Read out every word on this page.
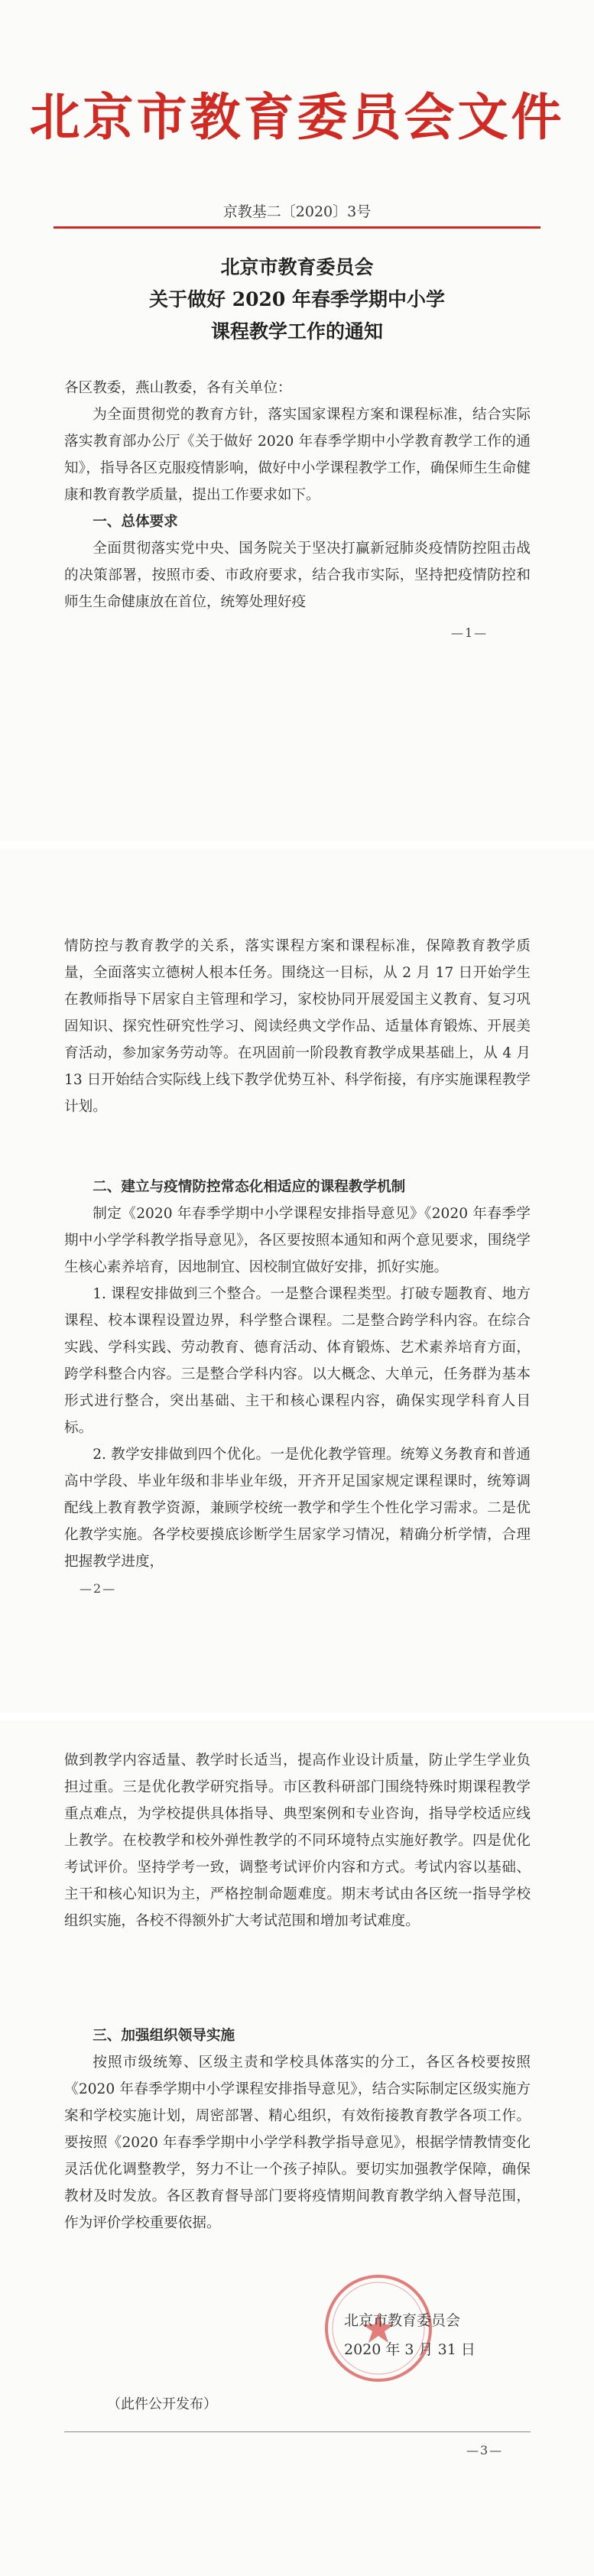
北京市教育委员会文件
京教基二〔2020〕3号
北京市教育委员会
关于做好 2020 年春季学期中小学
课程教学工作的通知
各区教委，燕山教委，各有关单位：
为全面贯彻党的教育方针，落实国家课程方案和课程标准，结合实际落实教育部办公厅《关于做好 2020 年春季学期中小学教育教学工作的通知》，指导各区克服疫情影响，做好中小学课程教学工作，确保师生生命健康和教育教学质量，提出工作要求如下。
一、总体要求
全面贯彻落实党中央、国务院关于坚决打赢新冠肺炎疫情防控阻击战的决策部署，按照市委、市政府要求，结合我市实际，坚持把疫情防控和师生生命健康放在首位，统筹处理好疫
—1—
情防控与教育教学的关系，落实课程方案和课程标准，保障教育教学质量，全面落实立德树人根本任务。围绕这一目标，从 2 月 17 日开始学生在教师指导下居家自主管理和学习，家校协同开展爱国主义教育、复习巩固知识、探究性研究性学习、阅读经典文学作品、适量体育锻炼、开展美育活动，参加家务劳动等。在巩固前一阶段教育教学成果基础上，从 4 月 13 日开始结合实际线上线下教学优势互补、科学衔接，有序实施课程教学计划。
二、建立与疫情防控常态化相适应的课程教学机制
制定《2020 年春季学期中小学课程安排指导意见》《2020 年春季学期中小学学科教学指导意见》，各区要按照本通知和两个意见要求，围绕学生核心素养培育，因地制宜、因校制宜做好安排，抓好实施。
1. 课程安排做到三个整合。一是整合课程类型。打破专题教育、地方课程、校本课程设置边界，科学整合课程。二是整合跨学科内容。在综合实践、学科实践、劳动教育、德育活动、体育锻炼、艺术素养培育方面，跨学科整合内容。三是整合学科内容。以大概念、大单元，任务群为基本形式进行整合，突出基础、主干和核心课程内容，确保实现学科育人目标。
2. 教学安排做到四个优化。一是优化教学管理。统筹义务教育和普通高中学段、毕业年级和非毕业年级，开齐开足国家规定课程课时，统筹调配线上教育教学资源，兼顾学校统一教学和学生个性化学习需求。二是优化教学实施。各学校要摸底诊断学生居家学习情况，精确分析学情，合理把握教学进度，
—2—
做到教学内容适量、教学时长适当，提高作业设计质量，防止学生学业负担过重。三是优化教学研究指导。市区教科研部门围绕特殊时期课程教学重点难点，为学校提供具体指导、典型案例和专业咨询，指导学校适应线上教学。在校教学和校外弹性教学的不同环境特点实施好教学。四是优化考试评价。坚持学考一致，调整考试评价内容和方式。考试内容以基础、主干和核心知识为主，严格控制命题难度。期末考试由各区统一指导学校组织实施，各校不得额外扩大考试范围和增加考试难度。
三、加强组织领导实施
按照市级统筹、区级主责和学校具体落实的分工，各区各校要按照《2020 年春季学期中小学课程安排指导意见》，结合实际制定区级实施方案和学校实施计划，周密部署、精心组织，有效衔接教育教学各项工作。要按照《2020 年春季学期中小学学科教学指导意见》，根据学情教情变化灵活优化调整教学，努力不让一个孩子掉队。要切实加强教学保障，确保教材及时发放。各区教育督导部门要将疫情期间教育教学纳入督导范围，作为评价学校重要依据。
北京市教育委员会
2020 年 3 月 31 日
（此件公开发布）
—3—
